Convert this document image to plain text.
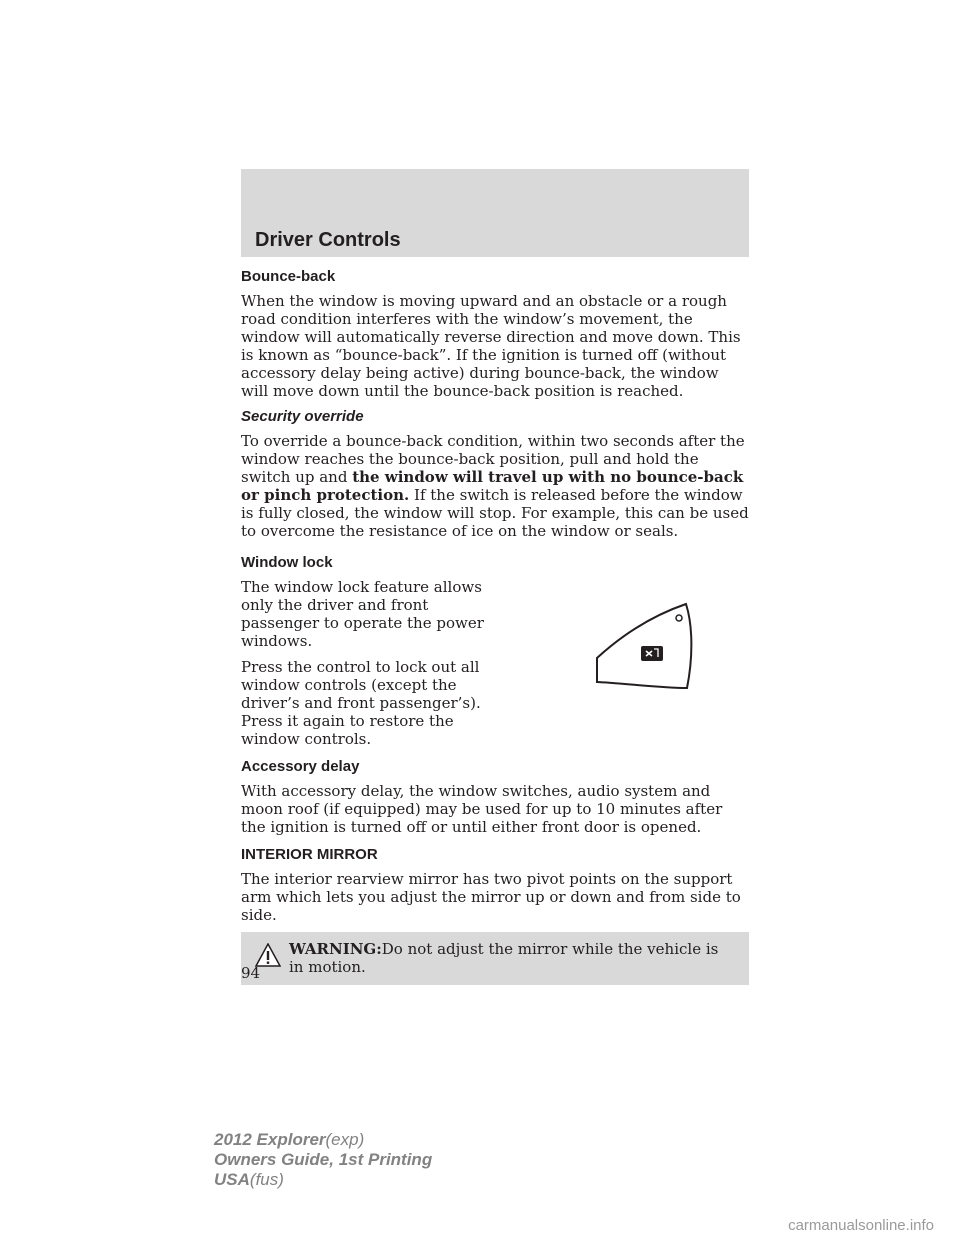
Driver Controls
Bounce-back

When the window is moving upward and an obstacle or a rough road condition interferes with the window’s movement, the window will automatically reverse direction and move down. This is known as “bounce-back”. If the ignition is turned off (without accessory delay being active) during bounce-back, the window will move down until the bounce-back position is reached.

Security override

To override a bounce-back condition, within two seconds after the window reaches the bounce-back position, pull and hold the switch up and the window will travel up with no bounce-back or pinch protection. If the switch is released before the window is fully closed, the window will stop. For example, this can be used to overcome the resistance of ice on the window or seals.

Window lock

The window lock feature allows only the driver and front passenger to operate the power windows.

Press the control to lock out all window controls (except the driver’s and front passenger’s). Press it again to restore the window controls.

Accessory delay

With accessory delay, the window switches, audio system and moon roof (if equipped) may be used for up to 10 minutes after the ignition is turned off or until either front door is opened.

INTERIOR MIRROR

The interior rearview mirror has two pivot points on the support arm which lets you adjust the mirror up or down and from side to side.

WARNING:Do not adjust the mirror while the vehicle is in motion.
94
2012 Explorer(exp)
Owners Guide, 1st Printing
USA(fus)
carmanualsonline.info
